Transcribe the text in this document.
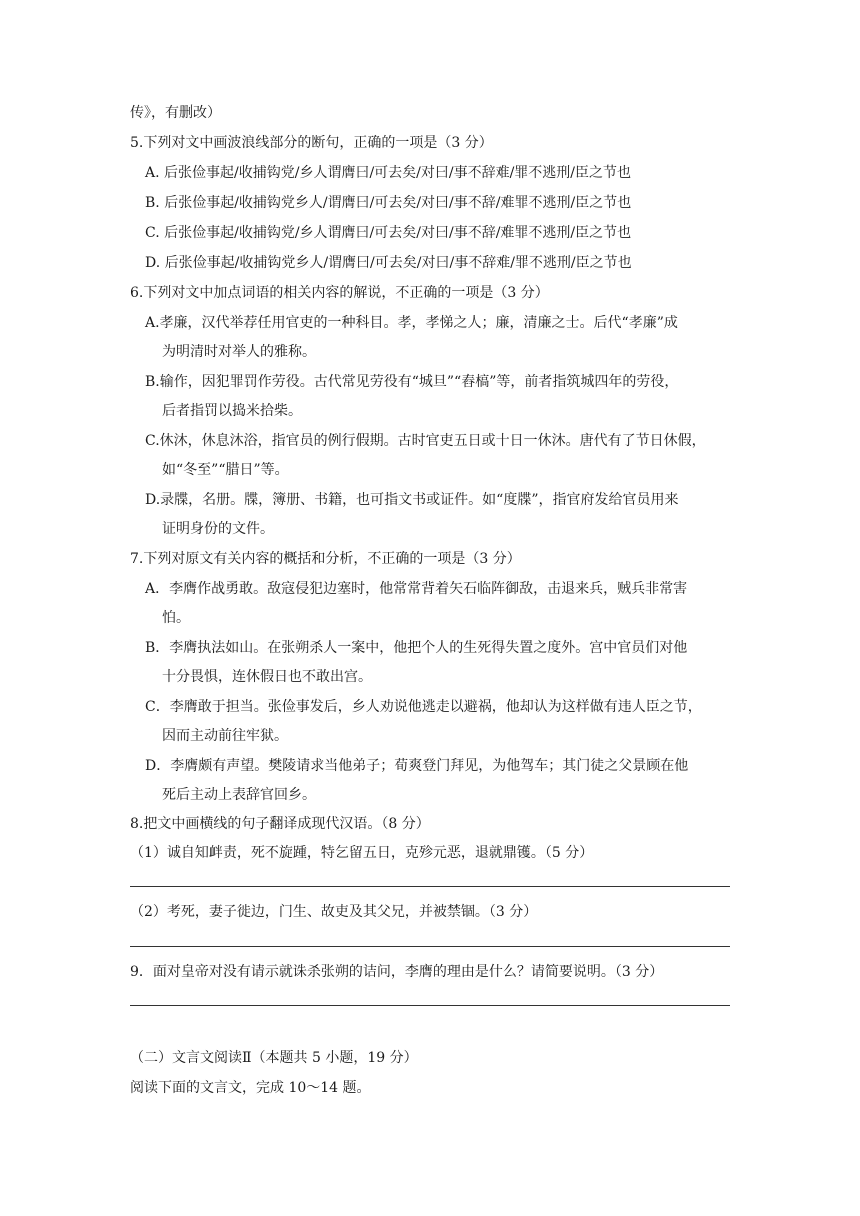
传》，有删改）
5.下列对文中画波浪线部分的断句，正确的一项是（3 分）
A. 后张俭事起/收捕钩党/乡人谓膺曰/可去矣/对曰/事不辞难/罪不逃刑/臣之节也
B. 后张俭事起/收捕钩党乡人/谓膺曰/可去矣/对曰/事不辞/难罪不逃刑/臣之节也
C. 后张俭事起/收捕钩党/乡人谓膺曰/可去矣/对曰/事不辞/难罪不逃刑/臣之节也
D. 后张俭事起/收捕钩党乡人/谓膺曰/可去矣/对曰/事不辞难/罪不逃刑/臣之节也
6.下列对文中加点词语的相关内容的解说，不正确的一项是（3 分）
A.孝廉，汉代举荐任用官吏的一种科目。孝，孝悌之人；廉，清廉之士。后代“孝廉”成
为明清时对举人的雅称。
B.输作，因犯罪罚作劳役。古代常见劳役有“城旦”“舂槁”等，前者指筑城四年的劳役，
后者指罚以捣米拾柴。
C.休沐，休息沐浴，指官员的例行假期。古时官吏五日或十日一休沐。唐代有了节日休假，
如“冬至”“腊日”等。
D.录牒，名册。牒，簿册、书籍，也可指文书或证件。如“度牒”，指官府发给官员用来
证明身份的文件。
7.下列对原文有关内容的概括和分析，不正确的一项是（3 分）
A．李膺作战勇敢。敌寇侵犯边塞时，他常常背着矢石临阵御敌，击退来兵，贼兵非常害
怕。
B．李膺执法如山。在张朔杀人一案中，他把个人的生死得失置之度外。宫中官员们对他
十分畏惧，连休假日也不敢出宫。
C．李膺敢于担当。张俭事发后，乡人劝说他逃走以避祸，他却认为这样做有违人臣之节，
因而主动前往牢狱。
D．李膺颇有声望。樊陵请求当他弟子；荀爽登门拜见，为他驾车；其门徒之父景顾在他
死后主动上表辞官回乡。
8.把文中画横线的句子翻译成现代汉语。（8 分）
（1）诚自知衅责，死不旋踵，特乞留五日，克殄元恶，退就鼎镬。（5 分）
（2）考死，妻子徙边，门生、故吏及其父兄，并被禁锢。（3 分）
9．面对皇帝对没有请示就诛杀张朔的诘问，李膺的理由是什么？请简要说明。（3 分）
（二）文言文阅读Ⅱ（本题共 5 小题，19 分）
阅读下面的文言文，完成 10～14 题。
